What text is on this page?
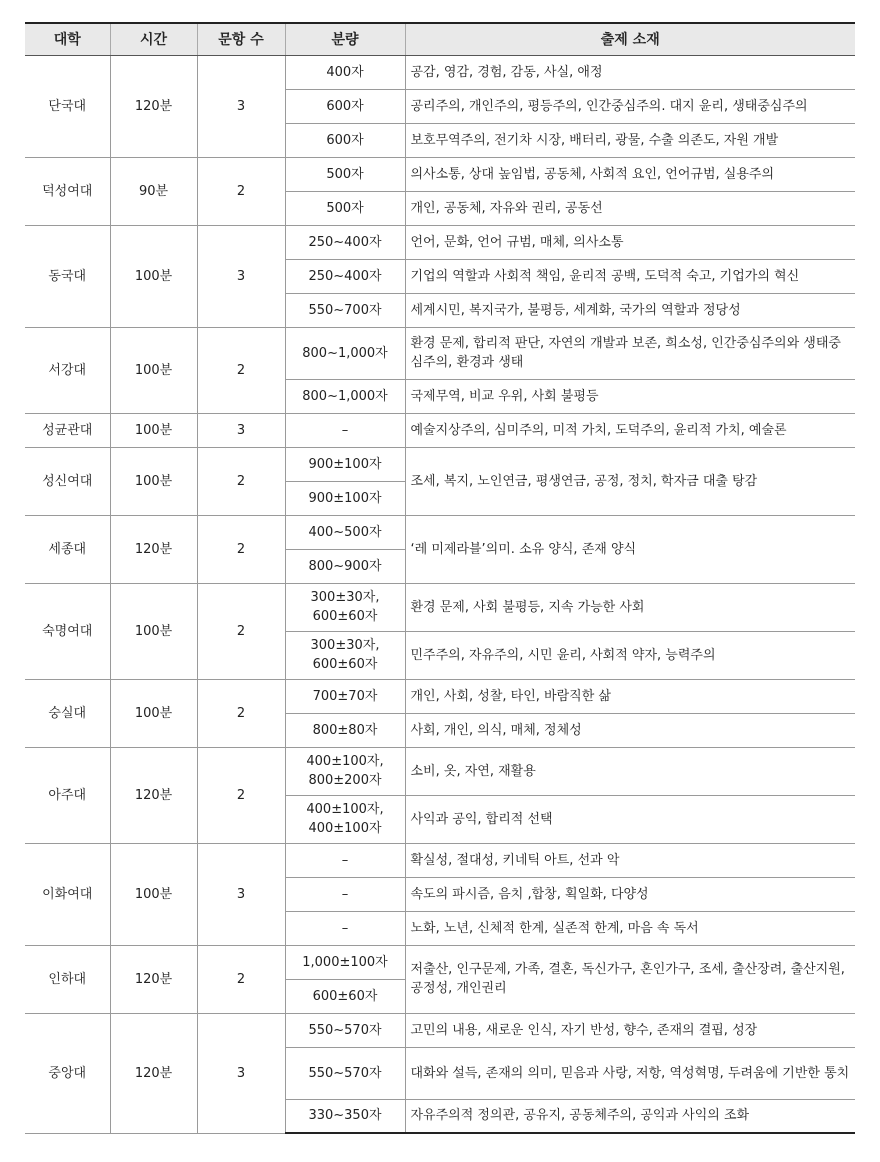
대학	시간	문항 수	분량	출제 소재
단국대	120분	3	400자	공감, 영감, 경험, 감동, 사실, 애정
			600자	공리주의, 개인주의, 평등주의, 인간중심주의. 대지 윤리, 생태중심주의
			600자	보호무역주의, 전기차 시장, 배터리, 광물, 수출 의존도, 자원 개발
덕성여대	90분	2	500자	의사소통, 상대 높임법, 공동체, 사회적 요인, 언어규범, 실용주의
			500자	개인, 공동체, 자유와 권리, 공동선
동국대	100분	3	250~400자	언어, 문화, 언어 규범, 매체, 의사소통
			250~400자	기업의 역할과 사회적 책임, 윤리적 공백, 도덕적 숙고, 기업가의 혁신
			550~700자	세계시민, 복지국가, 불평등, 세계화, 국가의 역할과 정당성
서강대	100분	2	800~1,000자	환경 문제, 합리적 판단, 자연의 개발과 보존, 희소성, 인간중심주의와 생태중심주의, 환경과 생태
			800~1,000자	국제무역, 비교 우위, 사회 불평등
성균관대	100분	3	–	예술지상주의, 심미주의, 미적 가치, 도덕주의, 윤리적 가치, 예술론
성신여대	100분	2	900±100자	조세, 복지, 노인연금, 평생연금, 공정, 정치, 학자금 대출 탕감
			900±100자	
세종대	120분	2	400~500자	‘레 미제라블’의미. 소유 양식, 존재 양식
			800~900자	
숙명여대	100분	2	300±30자, 600±60자	환경 문제, 사회 불평등, 지속 가능한 사회
			300±30자, 600±60자	민주주의, 자유주의, 시민 윤리, 사회적 약자, 능력주의
숭실대	100분	2	700±70자	개인, 사회, 성찰, 타인, 바람직한 삶
			800±80자	사회, 개인, 의식, 매체, 정체성
아주대	120분	2	400±100자, 800±200자	소비, 옷, 자연, 재활용
			400±100자, 400±100자	사익과 공익, 합리적 선택
이화여대	100분	3	–	확실성, 절대성, 키네틱 아트, 선과 악
			–	속도의 파시즘, 음치 ,합창, 획일화, 다양성
			–	노화, 노년, 신체적 한계, 실존적 한계, 마음 속 독서
인하대	120분	2	1,000±100자	저출산, 인구문제, 가족, 결혼, 독신가구, 혼인가구, 조세, 출산장려, 출산지원, 공정성, 개인권리
			600±60자	
중앙대	120분	3	550~570자	고민의 내용, 새로운 인식, 자기 반성, 향수, 존재의 결핍, 성장
			550~570자	대화와 설득, 존재의 의미, 믿음과 사랑, 저항, 역성혁명, 두려움에 기반한 통치
			330~350자	자유주의적 정의관, 공유지, 공동체주의, 공익과 사익의 조화
